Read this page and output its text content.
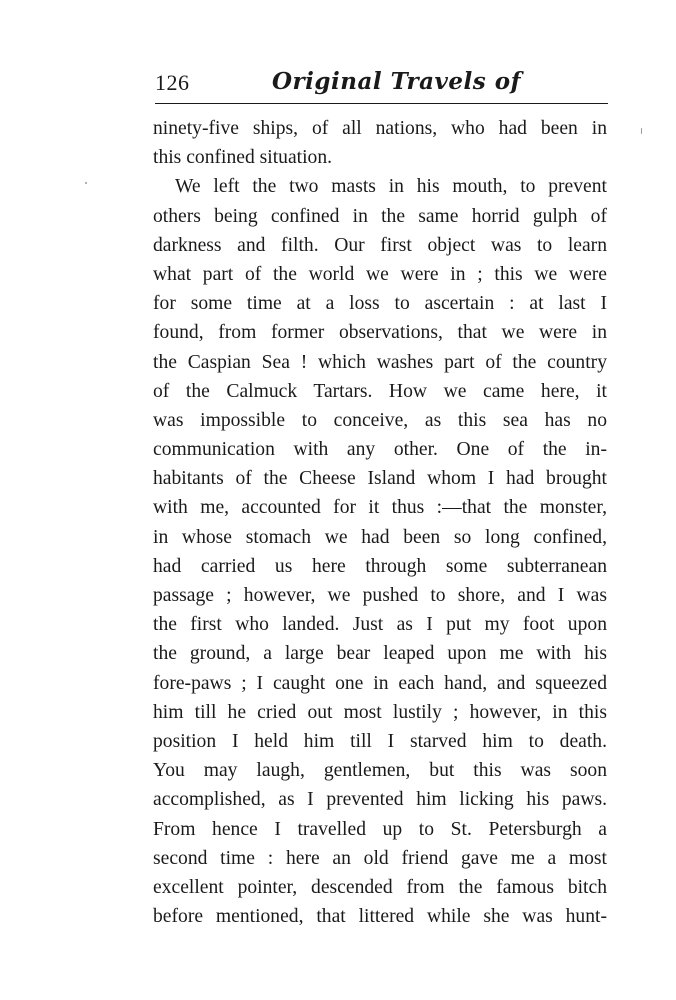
126	Original Travels of
ninety-five ships, of all nations, who had been in
this confined situation.
We left the two masts in his mouth, to prevent
others being confined in the same horrid gulph of
darkness and filth. Our first object was to learn
what part of the world we were in ; this we were
for some time at a loss to ascertain : at last I
found, from former observations, that we were in
the Caspian Sea ! which washes part of the country
of the Calmuck Tartars. How we came here, it
was impossible to conceive, as this sea has no
communication with any other. One of the in-
habitants of the Cheese Island whom I had brought
with me, accounted for it thus :—that the monster,
in whose stomach we had been so long confined,
had carried us here through some subterranean
passage ; however, we pushed to shore, and I was
the first who landed. Just as I put my foot upon
the ground, a large bear leaped upon me with his
fore-paws ; I caught one in each hand, and squeezed
him till he cried out most lustily ; however, in this
position I held him till I starved him to death.
You may laugh, gentlemen, but this was soon
accomplished, as I prevented him licking his paws.
From hence I travelled up to St. Petersburgh a
second time : here an old friend gave me a most
excellent pointer, descended from the famous bitch
before mentioned, that littered while she was hunt-
